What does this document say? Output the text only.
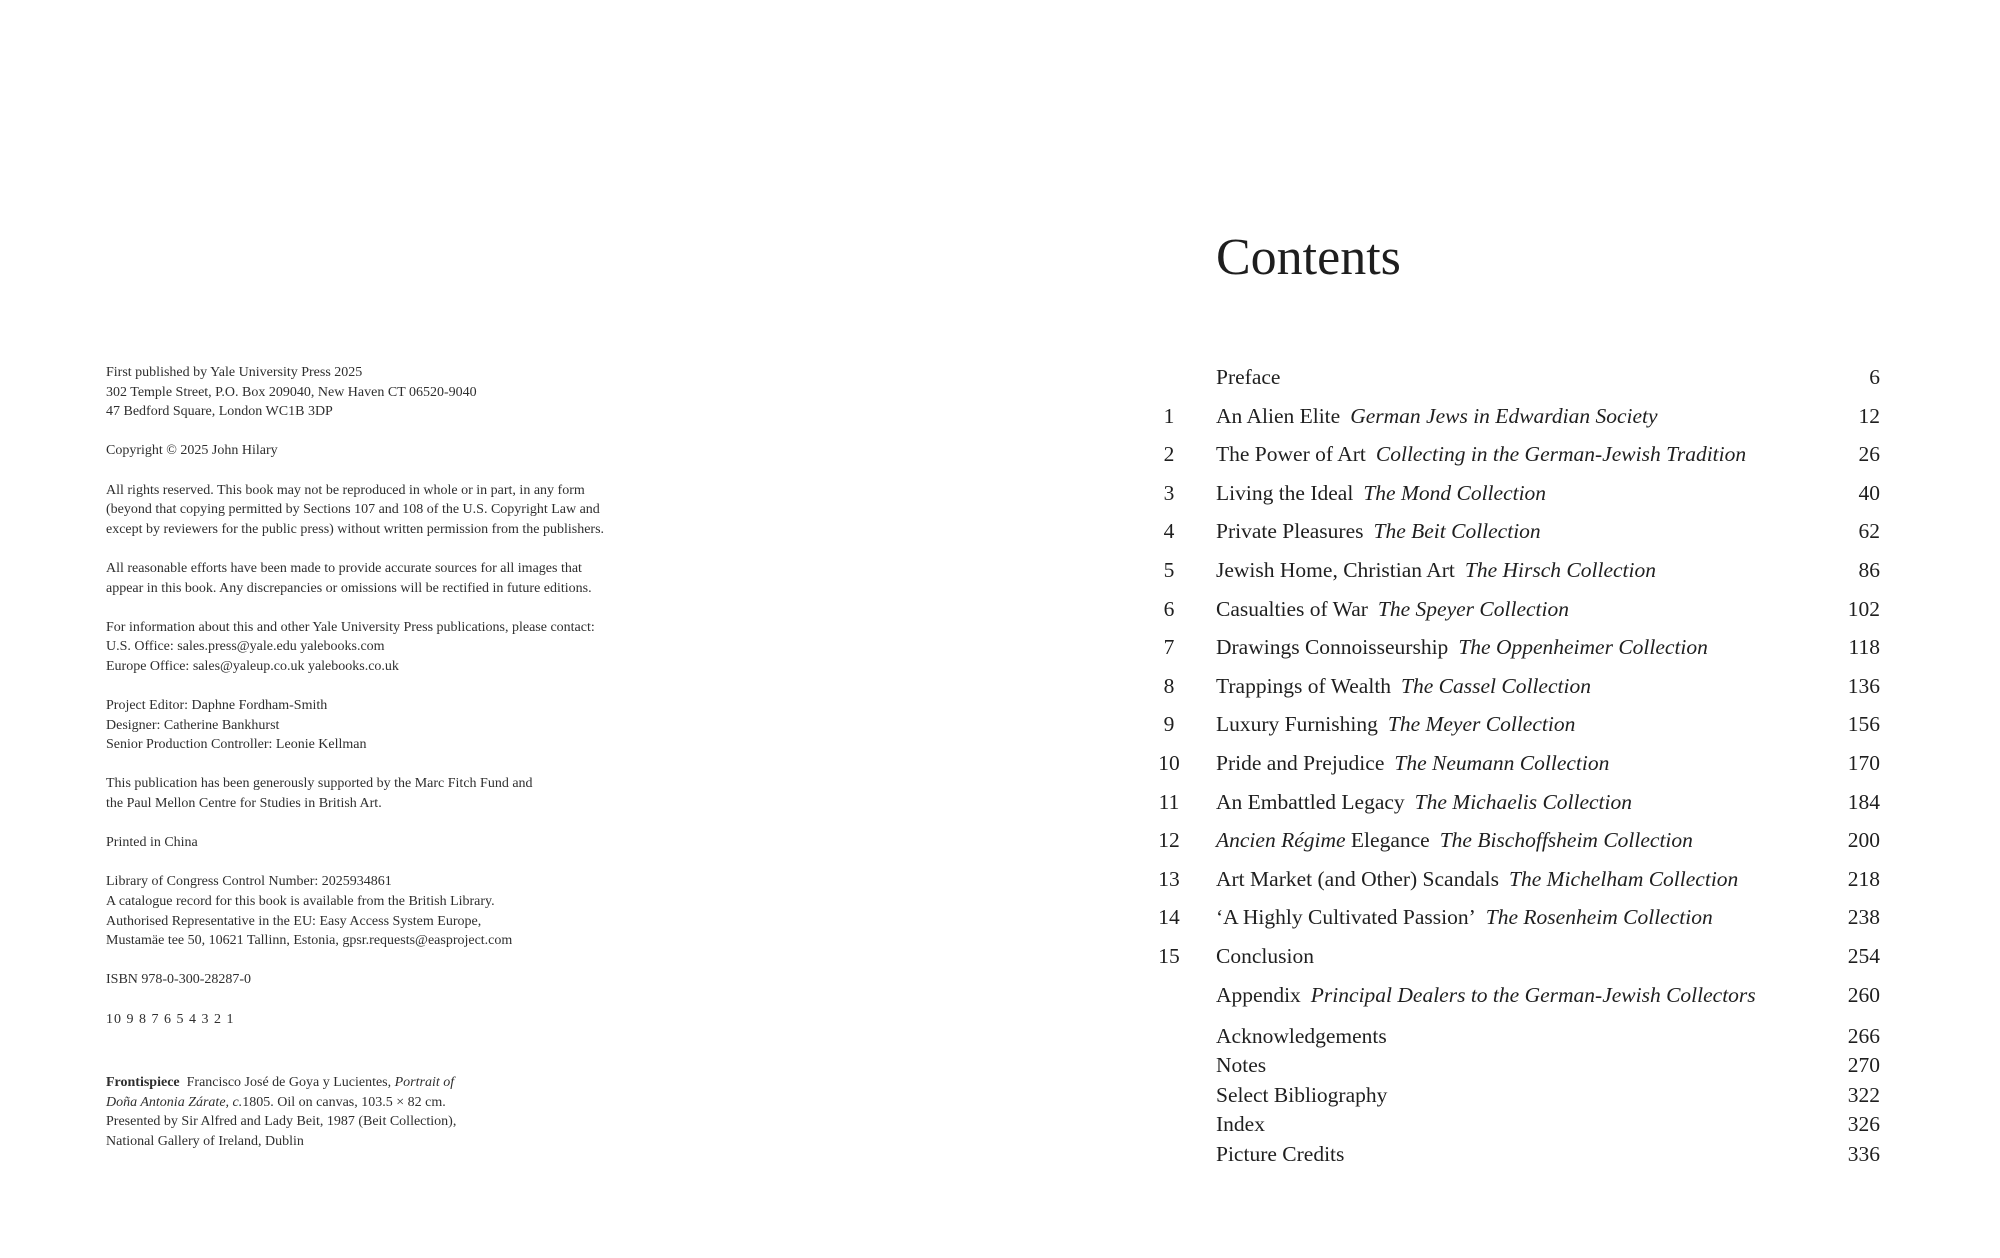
First published by Yale University Press 2025
302 Temple Street, P.O. Box 209040, New Haven CT 06520-9040
47 Bedford Square, London WC1B 3DP
Copyright © 2025 John Hilary
All rights reserved. This book may not be reproduced in whole or in part, in any form
(beyond that copying permitted by Sections 107 and 108 of the U.S. Copyright Law and
except by reviewers for the public press) without written permission from the publishers.
All reasonable efforts have been made to provide accurate sources for all images that
appear in this book. Any discrepancies or omissions will be rectified in future editions.
For information about this and other Yale University Press publications, please contact:
U.S. Office: sales.press@yale.edu yalebooks.com
Europe Office: sales@yaleup.co.uk yalebooks.co.uk
Project Editor: Daphne Fordham-Smith
Designer: Catherine Bankhurst
Senior Production Controller: Leonie Kellman
This publication has been generously supported by the Marc Fitch Fund and
the Paul Mellon Centre for Studies in British Art.
Printed in China
Library of Congress Control Number: 2025934861
A catalogue record for this book is available from the British Library.
Authorised Representative in the EU: Easy Access System Europe,
Mustamäe tee 50, 10621 Tallinn, Estonia, gpsr.requests@easproject.com
ISBN 978-0-300-28287-0
10 9 8 7 6 5 4 3 2 1
Frontispiece Francisco José de Goya y Lucientes, Portrait of
Doña Antonia Zárate, c.1805. Oil on canvas, 103.5 × 82 cm.
Presented by Sir Alfred and Lady Beit, 1987 (Beit Collection),
National Gallery of Ireland, Dublin
Contents
Preface	6
1	An Alien Elite German Jews in Edwardian Society	12
2	The Power of Art Collecting in the German-Jewish Tradition	26
3	Living the Ideal The Mond Collection	40
4	Private Pleasures The Beit Collection	62
5	Jewish Home, Christian Art The Hirsch Collection	86
6	Casualties of War The Speyer Collection	102
7	Drawings Connoisseurship The Oppenheimer Collection	118
8	Trappings of Wealth The Cassel Collection	136
9	Luxury Furnishing The Meyer Collection	156
10	Pride and Prejudice The Neumann Collection	170
11	An Embattled Legacy The Michaelis Collection	184
12	Ancien Régime Elegance The Bischoffsheim Collection	200
13	Art Market (and Other) Scandals The Michelham Collection	218
14	‘A Highly Cultivated Passion’ The Rosenheim Collection	238
15	Conclusion	254
Appendix Principal Dealers to the German-Jewish Collectors	260
Acknowledgements	266
Notes	270
Select Bibliography	322
Index	326
Picture Credits	336
